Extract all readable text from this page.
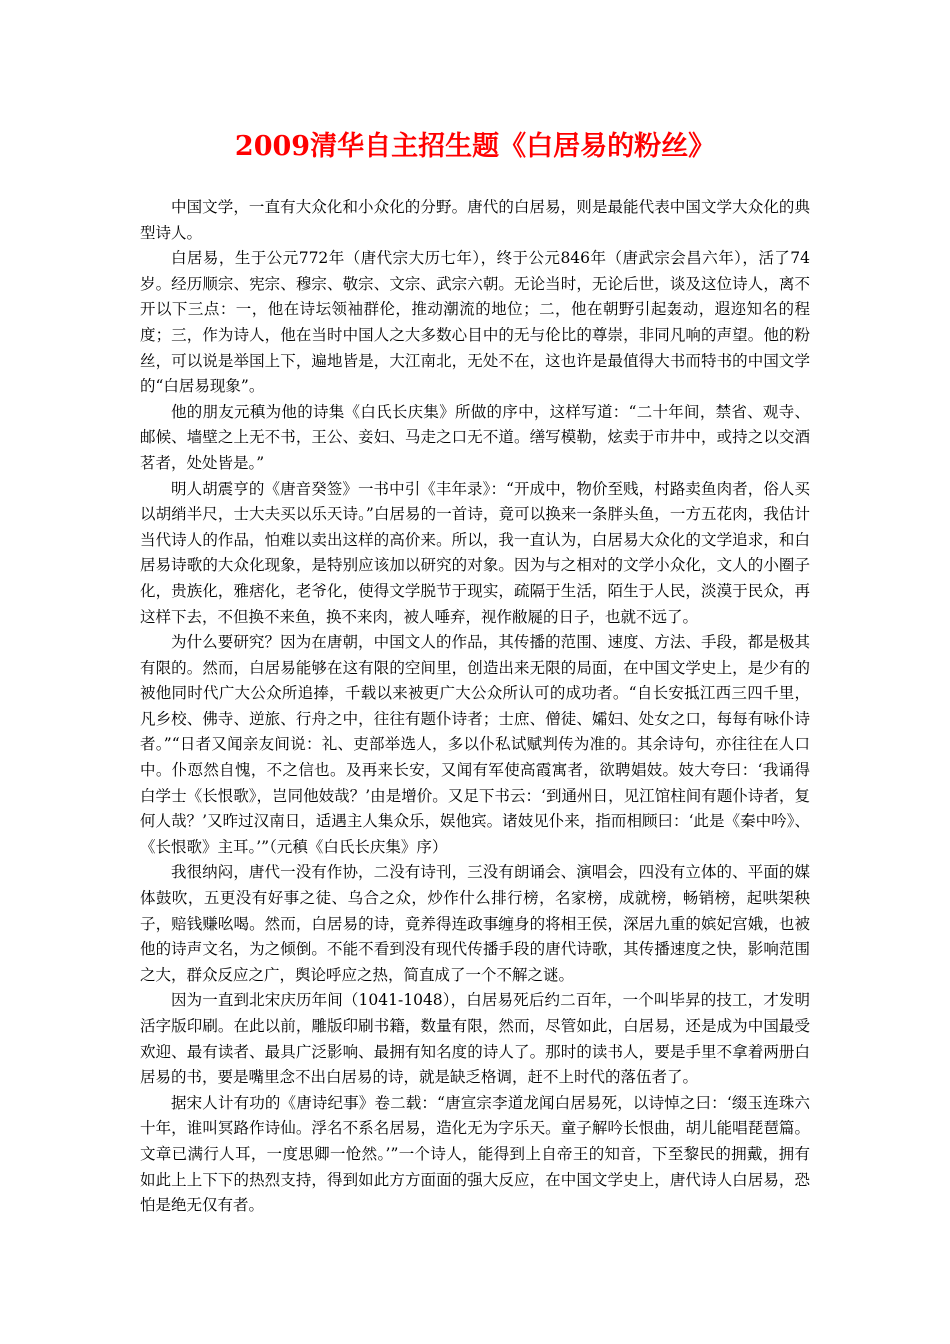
2009清华自主招生题《白居易的粉丝》

中国文学，一直有大众化和小众化的分野。唐代的白居易，则是最能代表中国文学大众化的典型诗人。

白居易，生于公元772年（唐代宗大历七年），终于公元846年（唐武宗会昌六年），活了74岁。经历顺宗、宪宗、穆宗、敬宗、文宗、武宗六朝。无论当时，无论后世，谈及这位诗人，离不开以下三点：一，他在诗坛领袖群伦，推动潮流的地位；二，他在朝野引起轰动，遐迩知名的程度；三，作为诗人，他在当时中国人之大多数心目中的无与伦比的尊崇，非同凡响的声望。他的粉丝，可以说是举国上下，遍地皆是，大江南北，无处不在，这也许是最值得大书而特书的中国文学的“白居易现象”。

他的朋友元稹为他的诗集《白氏长庆集》所做的序中，这样写道：“二十年间，禁省、观寺、邮候、墙壁之上无不书，王公、妾妇、马走之口无不道。缮写模勒，炫卖于市井中，或持之以交酒茗者，处处皆是。”

明人胡震亨的《唐音癸签》一书中引《丰年录》：“开成中，物价至贱，村路卖鱼肉者，俗人买以胡绡半尺，士大夫买以乐天诗。”白居易的一首诗，竟可以换来一条胖头鱼，一方五花肉，我估计当代诗人的作品，怕难以卖出这样的高价来。所以，我一直认为，白居易大众化的文学追求，和白居易诗歌的大众化现象，是特别应该加以研究的对象。因为与之相对的文学小众化，文人的小圈子化，贵族化，雅痞化，老爷化，使得文学脱节于现实，疏隔于生活，陌生于人民，淡漠于民众，再这样下去，不但换不来鱼，换不来肉，被人唾弃，视作敝屣的日子，也就不远了。

为什么要研究？因为在唐朝，中国文人的作品，其传播的范围、速度、方法、手段，都是极其有限的。然而，白居易能够在这有限的空间里，创造出来无限的局面，在中国文学史上，是少有的被他同时代广大公众所追捧，千载以来被更广大公众所认可的成功者。“自长安抵江西三四千里，凡乡校、佛寺、逆旅、行舟之中，往往有题仆诗者；士庶、僧徒、孀妇、处女之口，每每有咏仆诗者。”“日者又闻亲友间说：礼、吏部举选人，多以仆私试赋判传为准的。其余诗句，亦往往在人口中。仆恧然自愧，不之信也。及再来长安，又闻有军使高霞寓者，欲聘娼妓。妓大夸曰：‘我诵得白学士《长恨歌》，岂同他妓哉？’由是增价。又足下书云：‘到通州日，见江馆柱间有题仆诗者，复何人哉？’又昨过汉南日，适遇主人集众乐，娱他宾。诸妓见仆来，指而相顾曰：‘此是《秦中吟》、《长恨歌》主耳。’”（元稹《白氏长庆集》序）

我很纳闷，唐代一没有作协，二没有诗刊，三没有朗诵会、演唱会，四没有立体的、平面的媒体鼓吹，五更没有好事之徒、乌合之众，炒作什么排行榜，名家榜，成就榜，畅销榜，起哄架秧子，赔钱赚吆喝。然而，白居易的诗，竟养得连政事缠身的将相王侯，深居九重的嫔妃宫娥，也被他的诗声文名，为之倾倒。不能不看到没有现代传播手段的唐代诗歌，其传播速度之快，影响范围之大，群众反应之广，舆论呼应之热，简直成了一个不解之谜。

因为一直到北宋庆历年间（1041-1048），白居易死后约二百年，一个叫毕昇的技工，才发明活字版印刷。在此以前，雕版印刷书籍，数量有限，然而，尽管如此，白居易，还是成为中国最受欢迎、最有读者、最具广泛影响、最拥有知名度的诗人了。那时的读书人，要是手里不拿着两册白居易的书，要是嘴里念不出白居易的诗，就是缺乏格调，赶不上时代的落伍者了。

据宋人计有功的《唐诗纪事》卷二载：“唐宣宗李道龙闻白居易死，以诗悼之曰：‘缀玉连珠六十年，谁叫冥路作诗仙。浮名不系名居易，造化无为字乐天。童子解吟长恨曲，胡儿能唱琵琶篇。文章已满行人耳，一度思卿一怆然。’”一个诗人，能得到上自帝王的知音，下至黎民的拥戴，拥有如此上上下下的热烈支持，得到如此方方面面的强大反应，在中国文学史上，唐代诗人白居易，恐怕是绝无仅有者。
